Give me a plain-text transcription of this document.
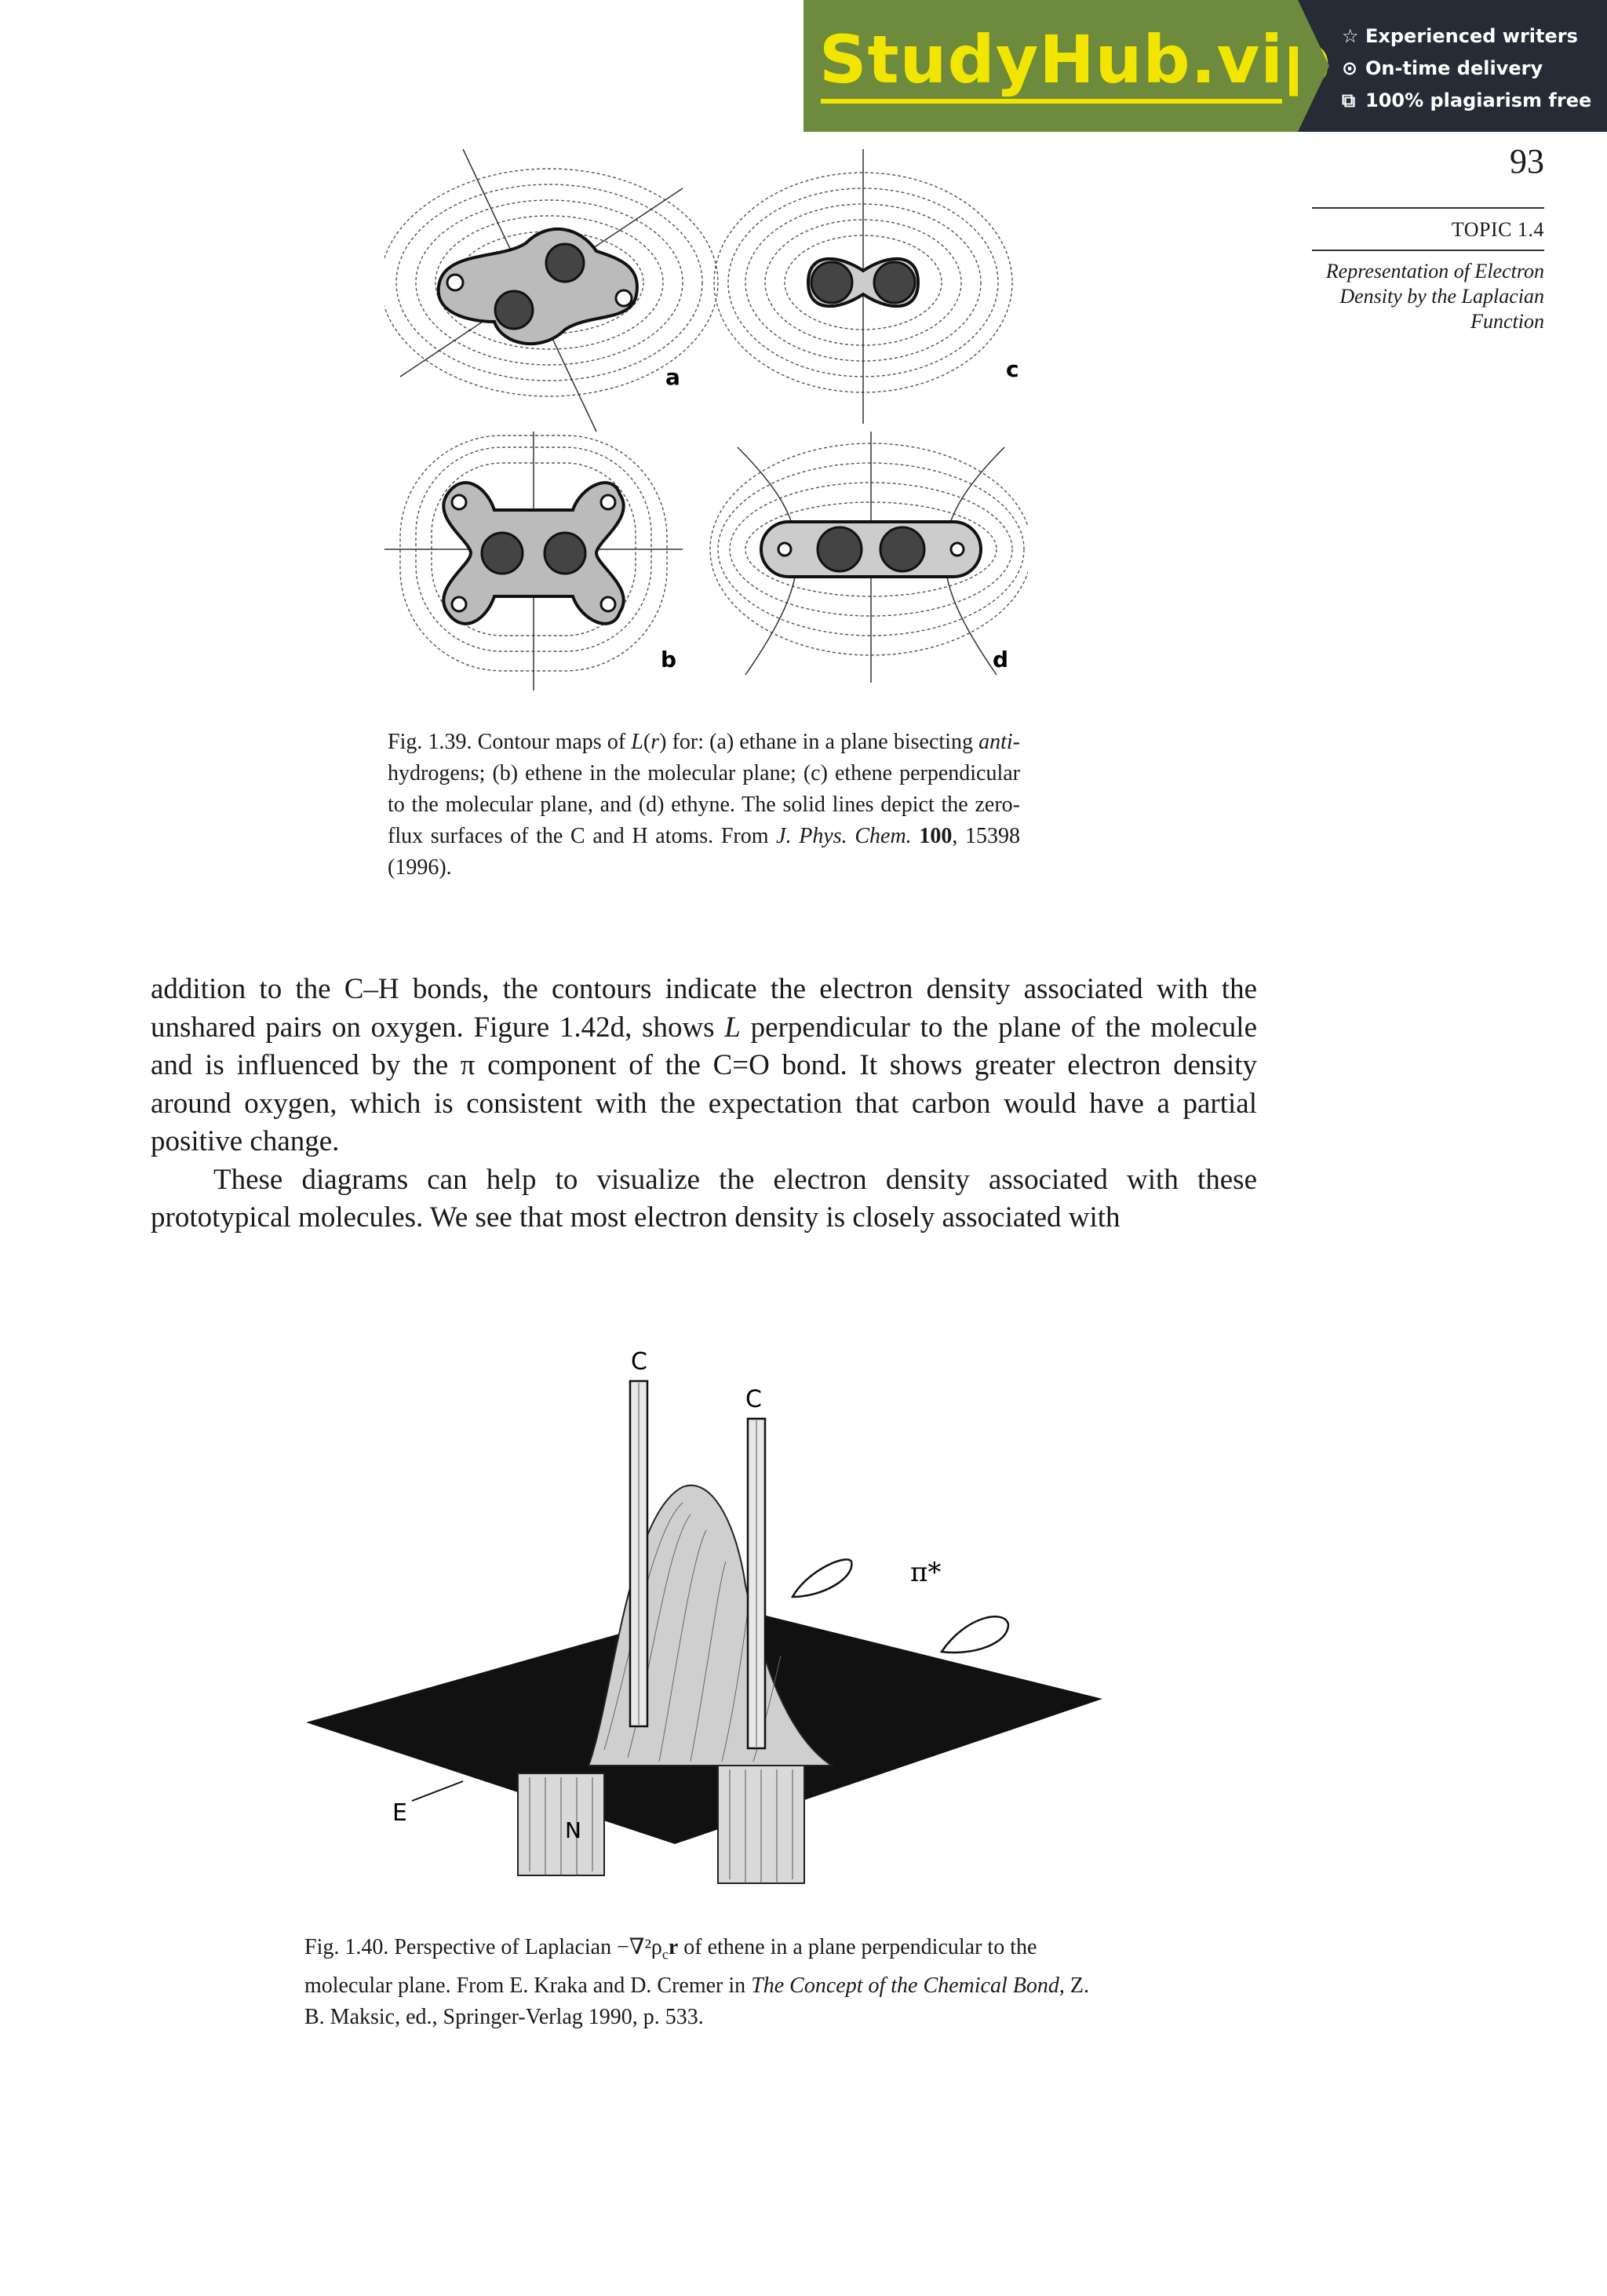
StudyHub.vip ☆ Experienced writers
⊙ On-time delivery
⧉ 100% plagiarism free
93
TOPIC 1.4
Representation of Electron Density by the Laplacian Function
a	c
b	d
Fig. 1.39. Contour maps of L(r) for: (a) ethane in a plane bisecting anti-hydrogens; (b) ethene in the molecular plane; (c) ethene perpendicular to the molecular plane, and (d) ethyne. The solid lines depict the zero-flux surfaces of the C and H atoms. From J. Phys. Chem. 100, 15398 (1996).

addition to the C–H bonds, the contours indicate the electron density associated with the unshared pairs on oxygen. Figure 1.42d, shows L perpendicular to the plane of the molecule and is influenced by the π component of the C=O bond. It shows greater electron density around oxygen, which is consistent with the expectation that carbon would have a partial positive change.

These diagrams can help to visualize the electron density associated with these prototypical molecules. We see that most electron density is closely associated with

C
C
π*
E
N
Fig. 1.40. Perspective of Laplacian $-\nabla^2\rho_cr$ of ethene in a plane perpendicular to the molecular plane. From E. Kraka and D. Cremer in The Concept of the Chemical Bond, Z. B. Maksic, ed., Springer-Verlag 1990, p. 533.
